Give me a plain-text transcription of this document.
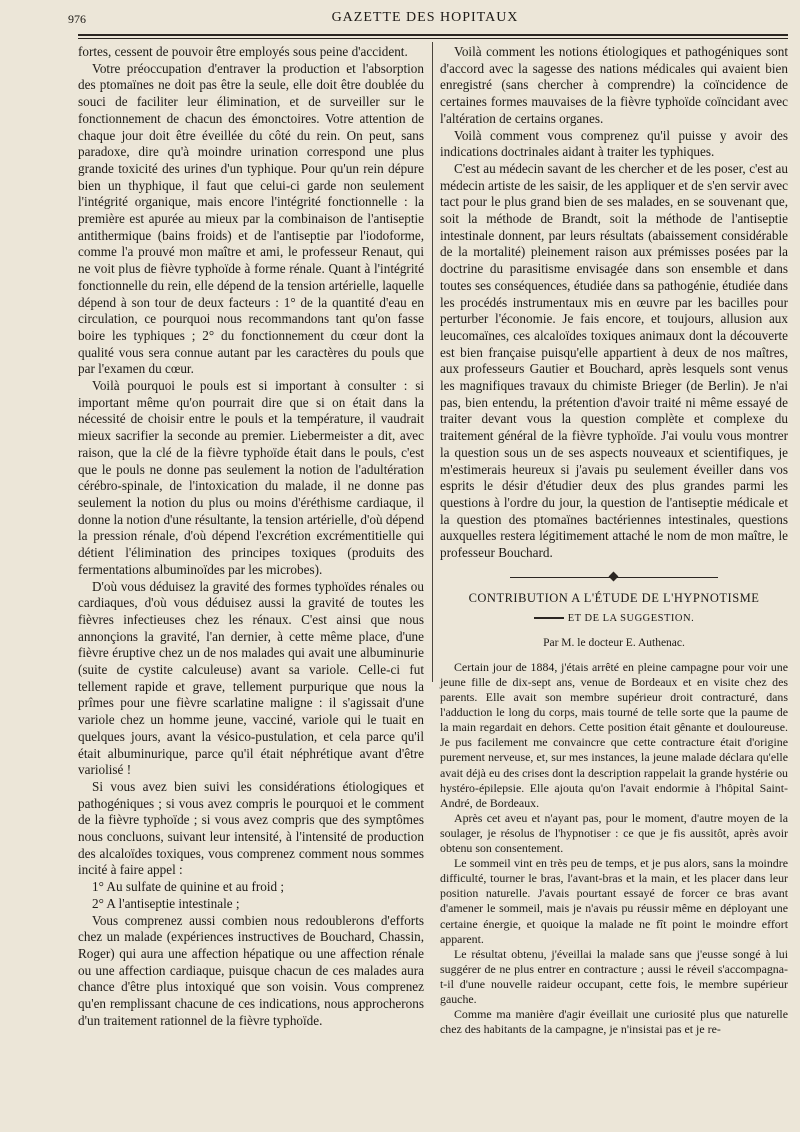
976	GAZETTE DES HOPITAUX

fortes, cessent de pouvoir être employés sous peine d'accident.

Votre préoccupation d'entraver la production et l'absorption des ptomaïnes ne doit pas être la seule, elle doit être doublée du souci de faciliter leur élimination, et de surveiller sur le fonctionnement de chacun des émonctoires. Votre attention de chaque jour doit être éveillée du côté du rein. On peut, sans paradoxe, dire qu'à moindre urination correspond une plus grande toxicité des urines d'un typhique. Pour qu'un rein dépure bien un thyphique, il faut que celui-ci garde non seulement l'intégrité organique, mais encore l'intégrité fonctionnelle : la première est apurée au mieux par la combinaison de l'antiseptie antithermique (bains froids) et de l'antiseptie par l'iodoforme, comme l'a prouvé mon maître et ami, le professeur Renaut, qui ne voit plus de fièvre typhoïde à forme rénale. Quant à l'intégrité fonctionnelle du rein, elle dépend de la tension artérielle, laquelle dépend à son tour de deux facteurs : 1° de la quantité d'eau en circulation, ce pourquoi nous recommandons tant qu'on fasse boire les typhiques ; 2° du fonctionnement du cœur dont la qualité vous sera connue autant par les caractères du pouls que par l'examen du cœur.

Voilà pourquoi le pouls est si important à consulter : si important même qu'on pourrait dire que si on était dans la nécessité de choisir entre le pouls et la température, il vaudrait mieux sacrifier la seconde au premier. Liebermeister a dit, avec raison, que la clé de la fièvre typhoïde était dans le pouls, c'est que le pouls ne donne pas seulement la notion de l'adultération cérébro-spinale, de l'intoxication du malade, il ne donne pas seulement la notion du plus ou moins d'éréthisme cardiaque, il donne la notion d'une résultante, la tension artérielle, d'où dépend la pression rénale, d'où dépend l'excrétion excrémentitielle qui détient l'élimination des principes toxiques (produits des fermentations albuminoïdes par les microbes).

D'où vous déduisez la gravité des formes typhoïdes rénales ou cardiaques, d'où vous déduisez aussi la gravité de toutes les fièvres infectieuses chez les rénaux. C'est ainsi que nous annonçions la gravité, l'an dernier, à cette même place, d'une fièvre éruptive chez un de nos malades qui avait une albuminurie (suite de cystite calculeuse) avant sa variole. Celle-ci fut tellement rapide et grave, tellement purpurique que nous la prîmes pour une fièvre scarlatine maligne : il s'agissait d'une variole chez un homme jeune, vacciné, variole qui le tuait en quelques jours, avant la vésico-pustulation, et cela parce qu'il était albuminurique, parce qu'il était néphrétique avant d'être variolisé !

Si vous avez bien suivi les considérations étiologiques et pathogéniques ; si vous avez compris le pourquoi et le comment de la fièvre typhoïde ; si vous avez compris que des symptômes nous concluons, suivant leur intensité, à l'intensité de production des alcaloïdes toxiques, vous comprenez comment nous sommes incité à faire appel :

1° Au sulfate de quinine et au froid ;

2° A l'antiseptie intestinale ;

Vous comprenez aussi combien nous redoublerons d'efforts chez un malade (expériences instructives de Bouchard, Chassin, Roger) qui aura une affection hépatique ou une affection rénale ou une affection cardiaque, puisque chacun de ces malades aura chance d'être plus intoxiqué que son voisin. Vous comprenez qu'en remplissant chacune de ces indications, nous approcherons d'un traitement rationnel de la fièvre typhoïde.

Voilà comment les notions étiologiques et pathogéniques sont d'accord avec la sagesse des nations médicales qui avaient bien enregistré (sans chercher à comprendre) la coïncidence de certaines formes mauvaises de la fièvre typhoïde coïncidant avec l'altération de certains organes.

Voilà comment vous comprenez qu'il puisse y avoir des indications doctrinales aidant à traiter les typhiques.

C'est au médecin savant de les chercher et de les poser, c'est au médecin artiste de les saisir, de les appliquer et de s'en servir avec tact pour le plus grand bien de ses malades, en se souvenant que, soit la méthode de Brandt, soit la méthode de l'antiseptie intestinale donnent, par leurs résultats (abaissement considérable de la mortalité) pleinement raison aux prémisses posées par la doctrine du parasitisme envisagée dans son ensemble et dans toutes ses conséquences, étudiée dans sa pathogénie, étudiée dans les procédés instrumentaux mis en œuvre par les bacilles pour perturber l'économie. Je fais encore, et toujours, allusion aux leucomaïnes, ces alcaloïdes toxiques animaux dont la découverte est bien française puisqu'elle appartient à deux de nos maîtres, aux professeurs Gautier et Bouchard, après lesquels sont venus les magnifiques travaux du chimiste Brieger (de Berlin). Je n'ai pas, bien entendu, la prétention d'avoir traité ni même essayé de traiter devant vous la question complète et complexe du traitement général de la fièvre typhoïde. J'ai voulu vous montrer la question sous un de ses aspects nouveaux et scientifiques, je m'estimerais heureux si j'avais pu seulement éveiller dans vos esprits le désir d'étudier deux des plus grandes parmi les questions à l'ordre du jour, la question de l'antiseptie médicale et la question des ptomaïnes bactériennes intestinales, questions auxquelles restera légitimement attaché le nom de mon maître, le professeur Bouchard.

CONTRIBUTION A L'ÉTUDE DE L'HYPNOTISME
ET DE LA SUGGESTION.
Par M. le docteur E. Authenac.

Certain jour de 1884, j'étais arrêté en pleine campagne pour voir une jeune fille de dix-sept ans, venue de Bordeaux et en visite chez des parents. Elle avait son membre supérieur droit contracturé, dans l'adduction le long du corps, mais tourné de telle sorte que la paume de la main regardait en dehors. Cette position était gênante et douloureuse. Je pus facilement me convaincre que cette contracture était d'origine purement nerveuse, et, sur mes instances, la jeune malade déclara qu'elle avait déjà eu des crises dont la description rappelait la grande hystérie ou hystéro-épilepsie. Elle ajouta qu'on l'avait endormie à l'hôpital Saint-André, de Bordeaux.

Après cet aveu et n'ayant pas, pour le moment, d'autre moyen de la soulager, je résolus de l'hypnotiser : ce que je fis aussitôt, après avoir obtenu son consentement.

Le sommeil vint en très peu de temps, et je pus alors, sans la moindre difficulté, tourner le bras, l'avant-bras et la main, et les placer dans leur position naturelle. J'avais pourtant essayé de forcer ce bras avant d'amener le sommeil, mais je n'avais pu réussir même en déployant une certaine énergie, et quoique la malade ne fît point le moindre effort apparent.

Le résultat obtenu, j'éveillai la malade sans que j'eusse songé à lui suggérer de ne plus entrer en contracture ; aussi le réveil s'accompagna-t-il d'une nouvelle raideur occupant, cette fois, le membre supérieur gauche.

Comme ma manière d'agir éveillait une curiosité plus que naturelle chez des habitants de la campagne, je n'insistai pas et je re-
